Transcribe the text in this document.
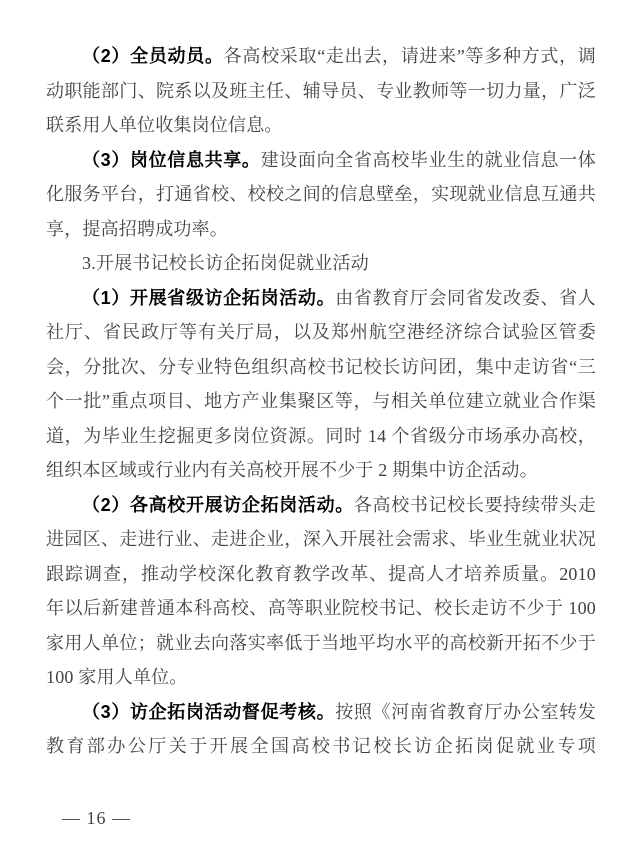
（2）全员动员。各高校采取“走出去，请进来”等多种方式，调动职能部门、院系以及班主任、辅导员、专业教师等一切力量，广泛联系用人单位收集岗位信息。

（3）岗位信息共享。建设面向全省高校毕业生的就业信息一体化服务平台，打通省校、校校之间的信息壁垒，实现就业信息互通共享，提高招聘成功率。

3.开展书记校长访企拓岗促就业活动

（1）开展省级访企拓岗活动。由省教育厅会同省发改委、省人社厅、省民政厅等有关厅局，以及郑州航空港经济综合试验区管委会，分批次、分专业特色组织高校书记校长访问团，集中走访省“三个一批”重点项目、地方产业集聚区等，与相关单位建立就业合作渠道，为毕业生挖掘更多岗位资源。同时 14 个省级分市场承办高校，组织本区域或行业内有关高校开展不少于 2 期集中访企活动。

（2）各高校开展访企拓岗活动。各高校书记校长要持续带头走进园区、走进行业、走进企业，深入开展社会需求、毕业生就业状况跟踪调查，推动学校深化教育教学改革、提高人才培养质量。2010 年以后新建普通本科高校、高等职业院校书记、校长走访不少于 100 家用人单位；就业去向落实率低于当地平均水平的高校新开拓不少于 100 家用人单位。

（3）访企拓岗活动督促考核。按照《河南省教育厅办公室转发教育部办公厅关于开展全国高校书记校长访企拓岗促就业专项

— 16 —
